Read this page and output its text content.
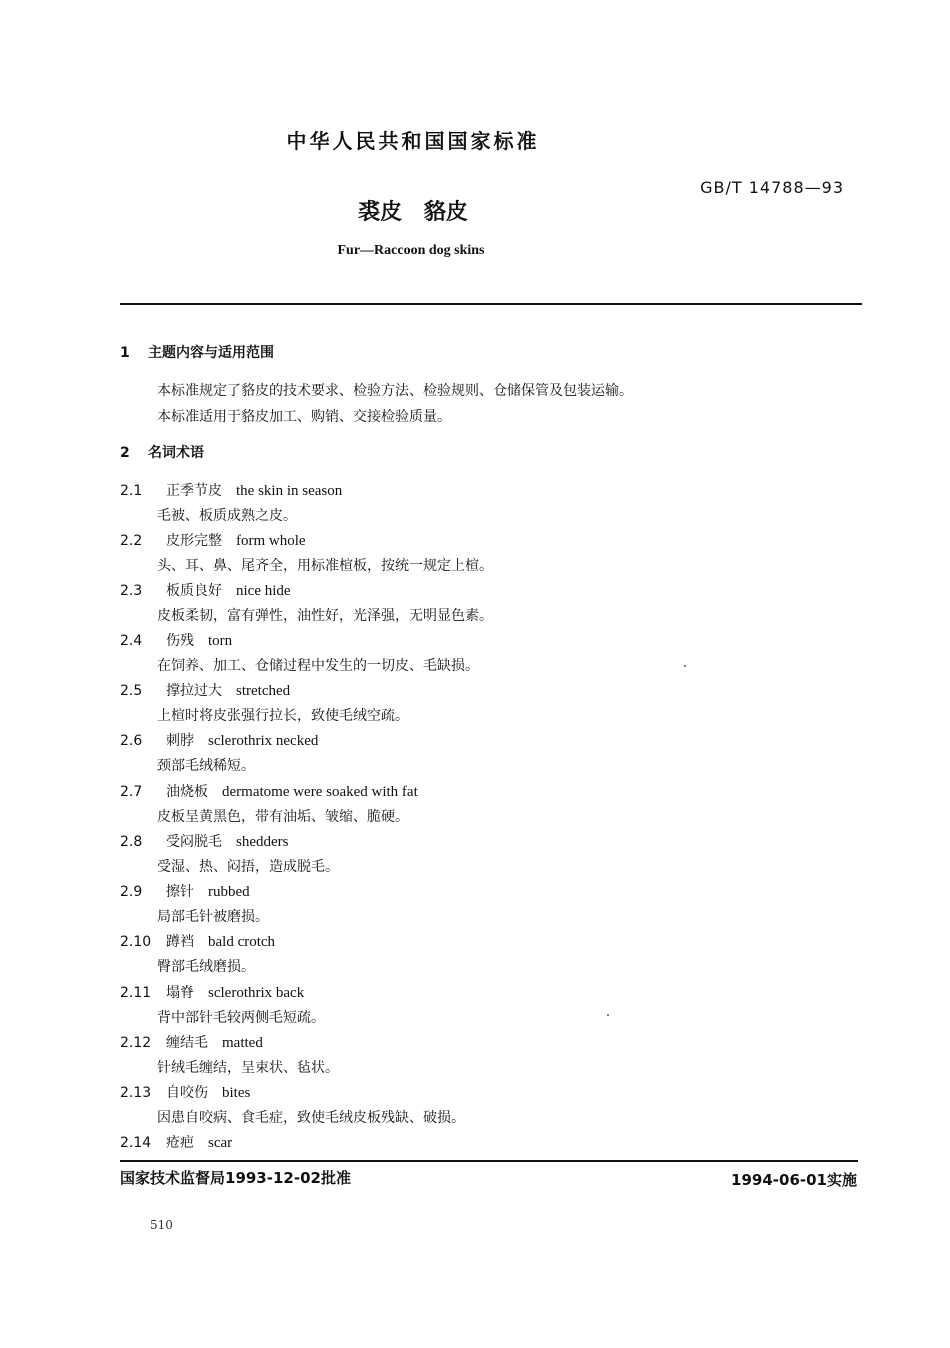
中华人民共和国国家标准
GB/T 14788—93
裘皮 貉皮
Fur—Raccoon dog skins
1 主题内容与适用范围
本标准规定了貉皮的技术要求、检验方法、检验规则、仓储保管及包装运输。
本标准适用于貉皮加工、购销、交接检验质量。
2 名词术语
2.1 正季节皮 the skin in season
毛被、板质成熟之皮。
2.2 皮形完整 form whole
头、耳、鼻、尾齐全，用标准楦板，按统一规定上楦。
2.3 板质良好 nice hide
皮板柔韧，富有弹性，油性好，光泽强，无明显色素。
2.4 伤残 torn
在饲养、加工、仓储过程中发生的一切皮、毛缺损。
2.5 撑拉过大 stretched
上楦时将皮张强行拉长，致使毛绒空疏。
2.6 刺脖 sclerothrix necked
颈部毛绒稀短。
2.7 油烧板 dermatome were soaked with fat
皮板呈黄黑色，带有油垢、皱缩、脆硬。
2.8 受闷脱毛 shedders
受湿、热、闷捂，造成脱毛。
2.9 擦针 rubbed
局部毛针被磨损。
2.10 蹲裆 bald crotch
臀部毛绒磨损。
2.11 塌脊 sclerothrix back
背中部针毛较两侧毛短疏。
2.12 缠结毛 matted
针绒毛缠结，呈束状、毡状。
2.13 自咬伤 bites
因患自咬病、食毛症，致使毛绒皮板残缺、破损。
2.14 疮疤 scar
国家技术监督局1993-12-02批准	1994-06-01实施
510
